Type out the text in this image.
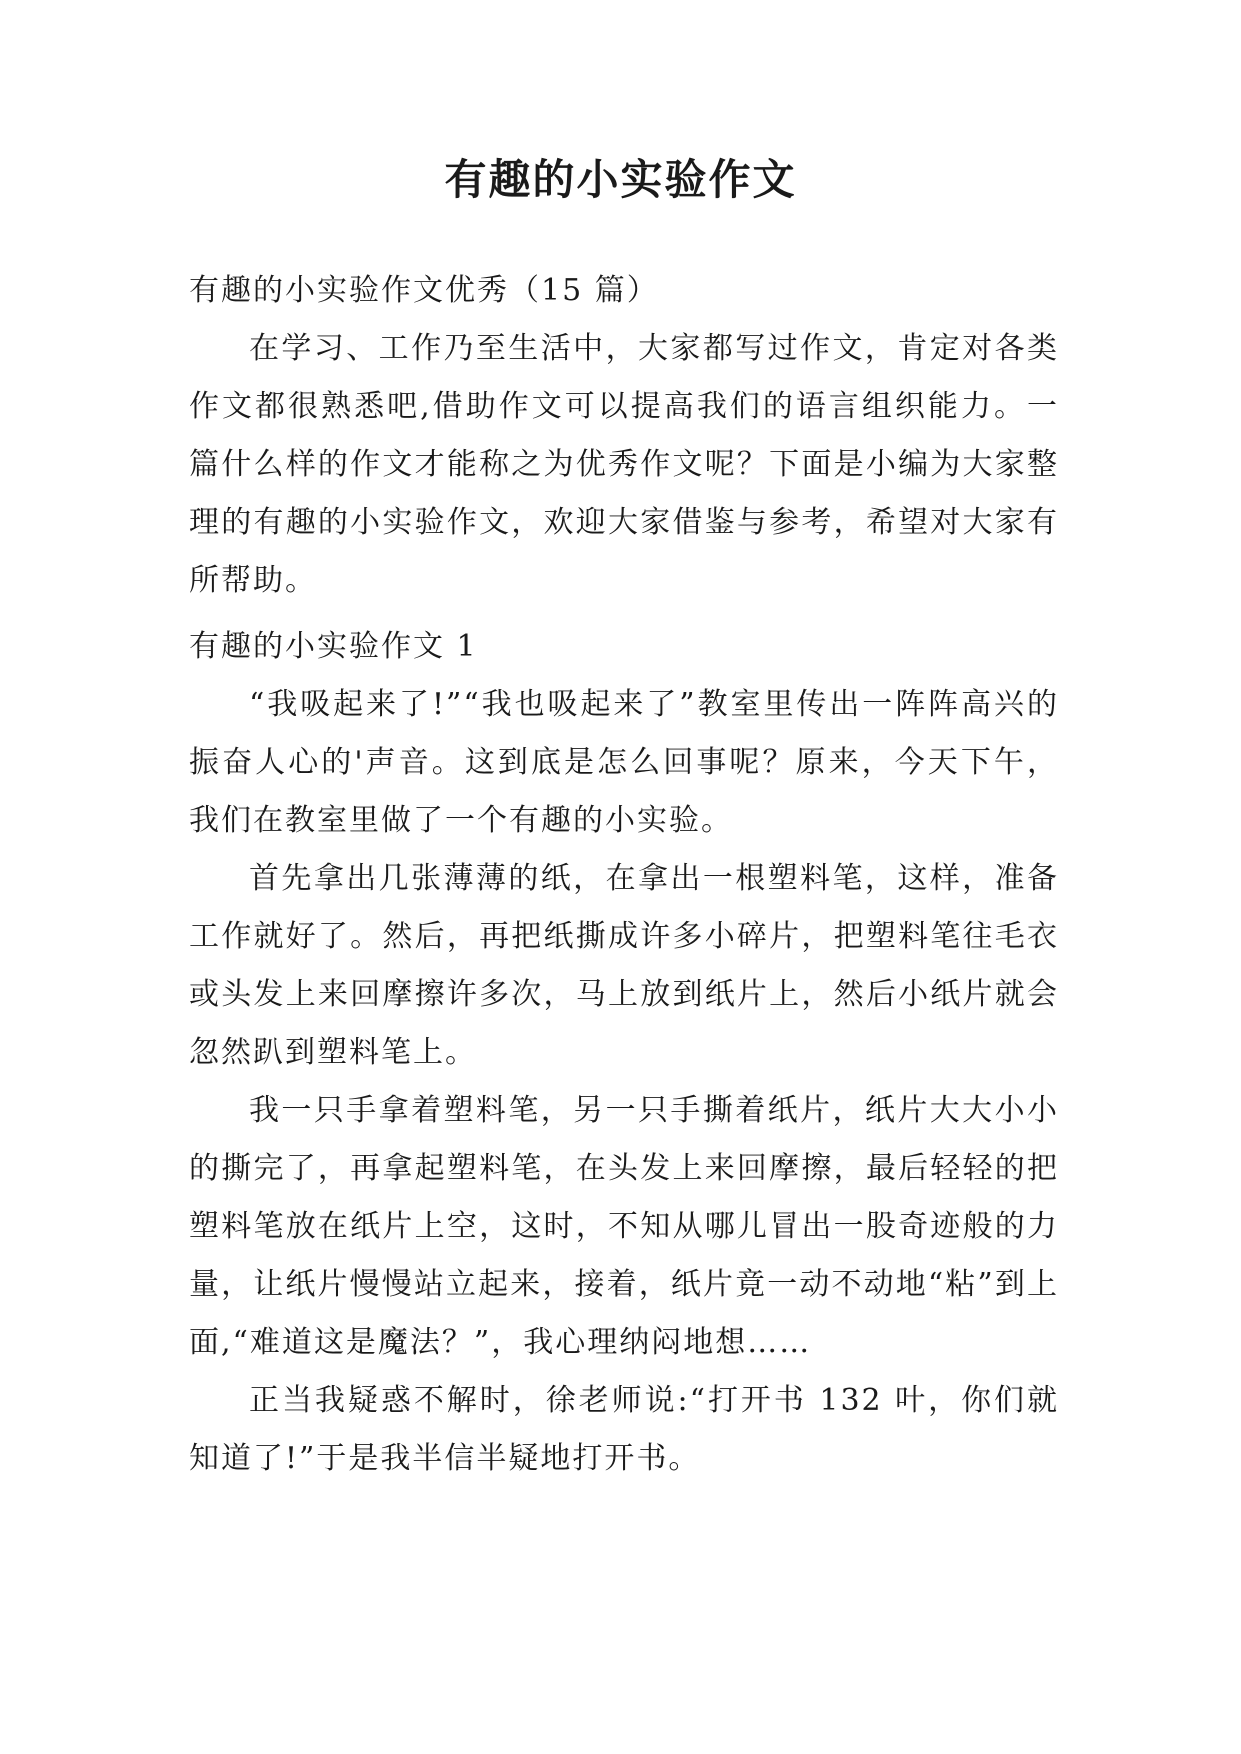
有趣的小实验作文
有趣的小实验作文优秀（15 篇）

在学习、工作乃至生活中，大家都写过作文，肯定对各类作文都很熟悉吧,借助作文可以提高我们的语言组织能力。一篇什么样的作文才能称之为优秀作文呢？下面是小编为大家整理的有趣的小实验作文，欢迎大家借鉴与参考，希望对大家有所帮助。

有趣的小实验作文 1

“我吸起来了!”“我也吸起来了”教室里传出一阵阵高兴的振奋人心的'声音。这到底是怎么回事呢？原来，今天下午，我们在教室里做了一个有趣的小实验。

首先拿出几张薄薄的纸，在拿出一根塑料笔，这样，准备工作就好了。然后，再把纸撕成许多小碎片，把塑料笔往毛衣或头发上来回摩擦许多次，马上放到纸片上，然后小纸片就会忽然趴到塑料笔上。

我一只手拿着塑料笔，另一只手撕着纸片，纸片大大小小的撕完了，再拿起塑料笔，在头发上来回摩擦，最后轻轻的把塑料笔放在纸片上空，这时，不知从哪儿冒出一股奇迹般的力量，让纸片慢慢站立起来，接着，纸片竟一动不动地“粘”到上面,“难道这是魔法？”，我心理纳闷地想……

正当我疑惑不解时，徐老师说:“打开书 132 叶，你们就知道了!”于是我半信半疑地打开书。
